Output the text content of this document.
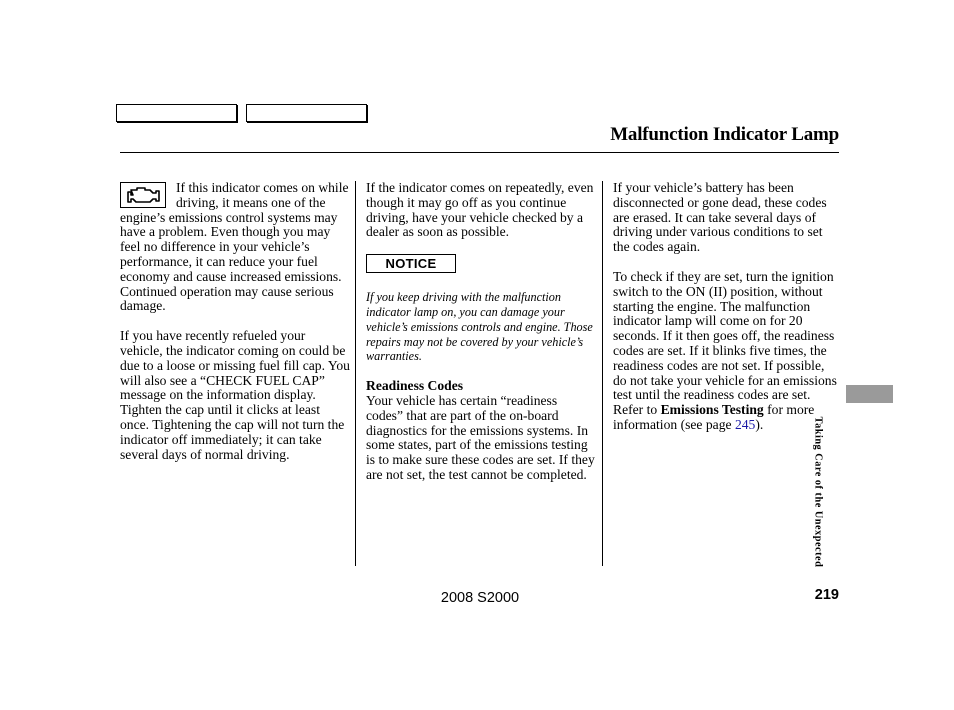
Malfunction Indicator Lamp

If this indicator comes on while driving, it means one of the engine’s emissions control systems may have a problem. Even though you may feel no difference in your vehicle’s performance, it can reduce your fuel economy and cause increased emissions. Continued operation may cause serious damage.

If you have recently refueled your vehicle, the indicator coming on could be due to a loose or missing fuel fill cap. You will also see a “CHECK FUEL CAP” message on the information display. Tighten the cap until it clicks at least once. Tightening the cap will not turn the indicator off immediately; it can take several days of normal driving.

If the indicator comes on repeatedly, even though it may go off as you continue driving, have your vehicle checked by a dealer as soon as possible.

NOTICE

If you keep driving with the malfunction indicator lamp on, you can damage your vehicle’s emissions controls and engine. Those repairs may not be covered by your vehicle’s warranties.

Readiness Codes

Your vehicle has certain “readiness codes” that are part of the on-board diagnostics for the emissions systems. In some states, part of the emissions testing is to make sure these codes are set. If they are not set, the test cannot be completed.

If your vehicle’s battery has been disconnected or gone dead, these codes are erased. It can take several days of driving under various conditions to set the codes again.

To check if they are set, turn the ignition switch to the ON (II) position, without starting the engine. The malfunction indicator lamp will come on for 20 seconds. If it then goes off, the readiness codes are set. If it blinks five times, the readiness codes are not set. If possible, do not take your vehicle for an emissions test until the readiness codes are set. Refer to Emissions Testing for more information (see page 245).	Taking Care of the Unexpected
2008 S2000	219
